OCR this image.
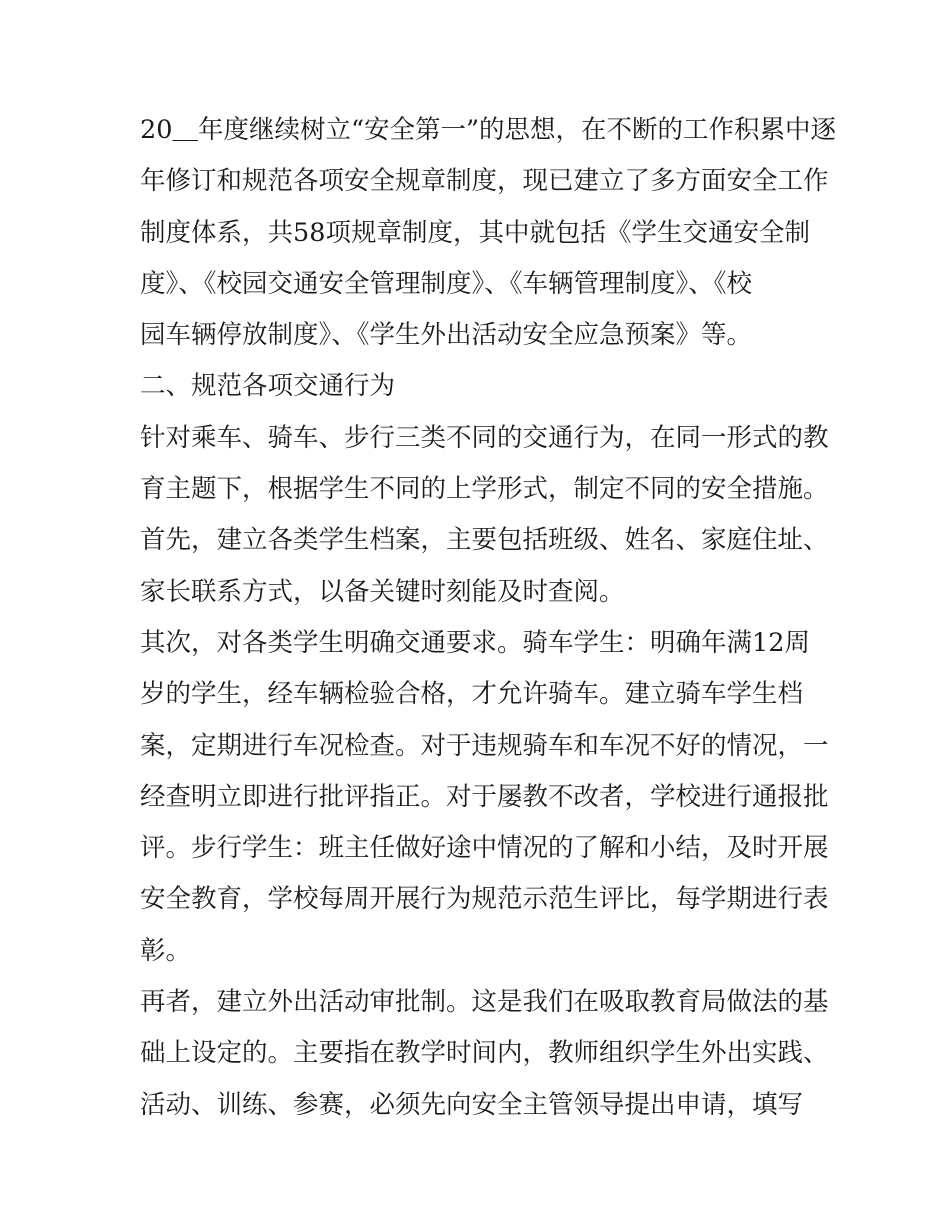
20＿年度继续树立“安全第一”的思想，在不断的工作积累中逐
年修订和规范各项安全规章制度，现已建立了多方面安全工作
制度体系，共58项规章制度，其中就包括《学生交通安全制
度》、《校园交通安全管理制度》、《车辆管理制度》、《校
园车辆停放制度》、《学生外出活动安全应急预案》等。
二、规范各项交通行为
针对乘车、骑车、步行三类不同的交通行为，在同一形式的教
育主题下，根据学生不同的上学形式，制定不同的安全措施。
首先，建立各类学生档案，主要包括班级、姓名、家庭住址、
家长联系方式，以备关键时刻能及时查阅。
其次，对各类学生明确交通要求。骑车学生：明确年满12周
岁的学生，经车辆检验合格，才允许骑车。建立骑车学生档
案，定期进行车况检查。对于违规骑车和车况不好的情况，一
经查明立即进行批评指正。对于屡教不改者，学校进行通报批
评。步行学生：班主任做好途中情况的了解和小结，及时开展
安全教育，学校每周开展行为规范示范生评比，每学期进行表
彰。
再者，建立外出活动审批制。这是我们在吸取教育局做法的基
础上设定的。主要指在教学时间内，教师组织学生外出实践、
活动、训练、参赛，必须先向安全主管领导提出申请，填写
